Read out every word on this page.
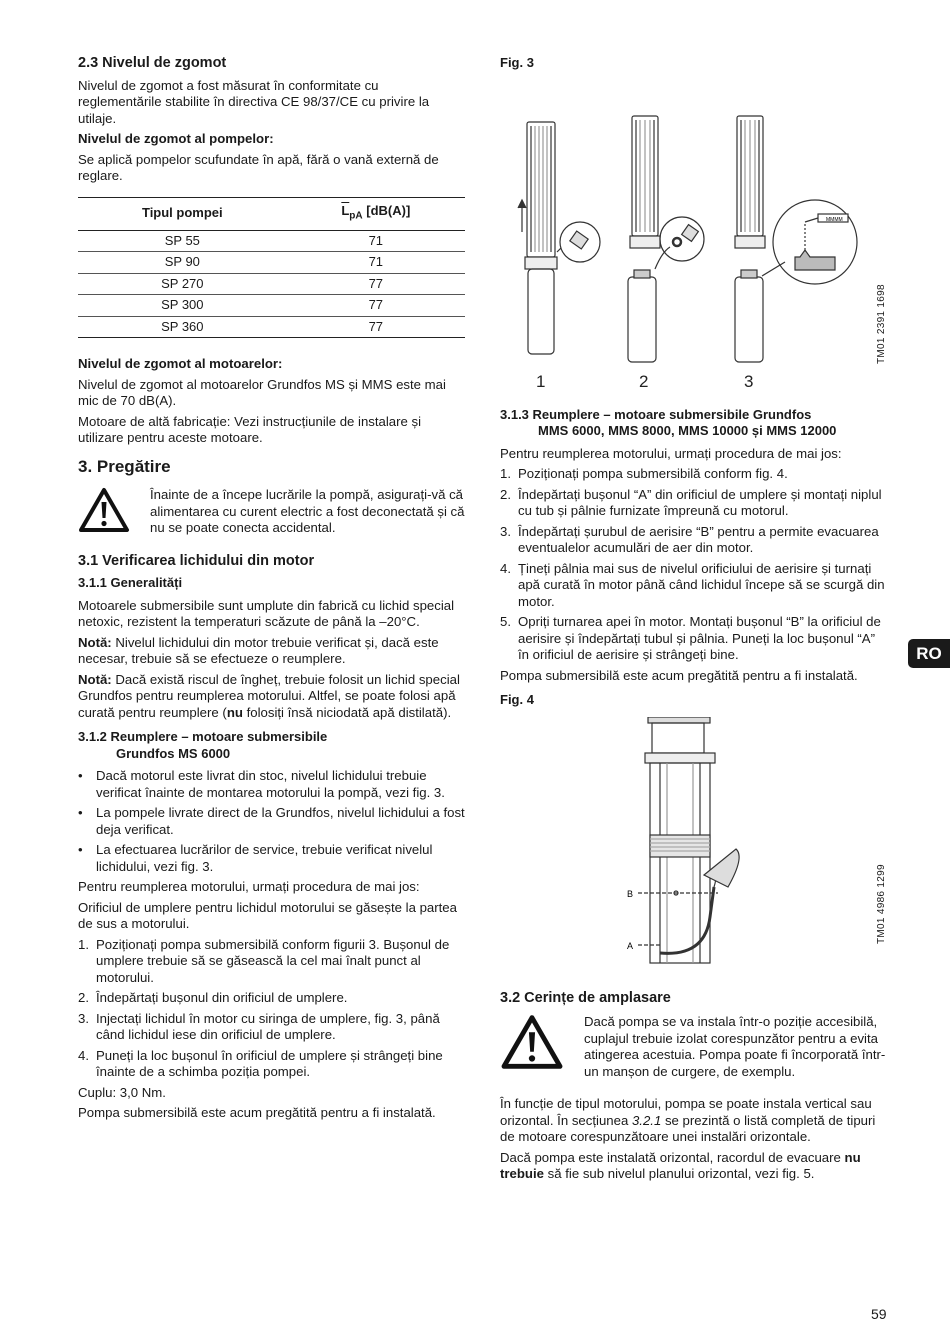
2.3 Nivelul de zgomot

Nivelul de zgomot a fost măsurat în conformitate cu reglementările stabilite în directiva CE 98/37/CE cu privire la utilaje.

Nivelul de zgomot al pompelor:

Se aplică pompelor scufundate în apă, fără o vană externă de reglare.

Tipul pompei	$\overline{L}_{pA}$ [dB(A)]
SP 55	71
SP 90	71
SP 270	77
SP 300	77
SP 360	77

Nivelul de zgomot al motoarelor:

Nivelul de zgomot al motoarelor Grundfos MS și MMS este mai mic de 70 dB(A).

Motoare de altă fabricație: Vezi instrucțiunile de instalare și utilizare pentru aceste motoare.

3. Pregătire

Înainte de a începe lucrările la pompă, asigurați-vă că alimentarea cu curent electric a fost deconectată și că nu se poate conecta accidental.

3.1 Verificarea lichidului din motor
3.1.1 Generalități

Motoarele submersibile sunt umplute din fabrică cu lichid special netoxic, rezistent la temperaturi scăzute de până la –20°C.

Notă: Nivelul lichidului din motor trebuie verificat și, dacă este necesar, trebuie să se efectueze o reumplere.

Notă: Dacă există riscul de îngheț, trebuie folosit un lichid special Grundfos pentru reumplerea motorului. Altfel, se poate folosi apă curată pentru reumplere (nu folosiți însă niciodată apă distilată).

3.1.2 Reumplere – motoare submersibile
Grundfos MS 6000
• Dacă motorul este livrat din stoc, nivelul lichidului trebuie verificat înainte de montarea motorului la pompă, vezi fig. 3.
• La pompele livrate direct de la Grundfos, nivelul lichidului a fost deja verificat.
• La efectuarea lucrărilor de service, trebuie verificat nivelul lichidului, vezi fig. 3.

Pentru reumplerea motorului, urmați procedura de mai jos:

Orificiul de umplere pentru lichidul motorului se găsește la partea de sus a motorului.

1. Poziționați pompa submersibilă conform figurii 3. Bușonul de umplere trebuie să se găsească la cel mai înalt punct al motorului.
2. Îndepărtați bușonul din orificiul de umplere.
3. Injectați lichidul în motor cu siringa de umplere, fig. 3, până când lichidul iese din orificiul de umplere.
4. Puneți la loc bușonul în orificiul de umplere și strângeți bine înainte de a schimba poziția pompei.

Cuplu: 3,0 Nm.

Pompa submersibilă este acum pregătită pentru a fi instalată.

Fig. 3

MMMM
1	2	3
3.1.3 Reumplere – motoare submersibile Grundfos
MMS 6000, MMS 8000, MMS 10000 și MMS 12000

Pentru reumplerea motorului, urmați procedura de mai jos:

1. Poziționați pompa submersibilă conform fig. 4.
2. Îndepărtați bușonul “A” din orificiul de umplere și montați niplul cu tub și pâlnie furnizate împreună cu motorul.
3. Îndepărtați șurubul de aerisire “B” pentru a permite evacuarea eventualelor acumulări de aer din motor.
4. Țineți pâlnia mai sus de nivelul orificiului de aerisire și turnați apă curată în motor până când lichidul începe să se scurgă din motor.
5. Opriți turnarea apei în motor. Montați bușonul “B” la orificiul de aerisire și îndepărtați tubul și pâlnia. Puneți la loc bușonul “A” în orificiul de aerisire și strângeți bine.

Pompa submersibilă este acum pregătită pentru a fi instalată.

Fig. 4

B
A
3.2 Cerințe de amplasare

Dacă pompa se va instala într-o poziție accesibilă, cuplajul trebuie izolat corespunzător pentru a evita atingerea acestuia. Pompa poate fi încorporată într-un manșon de curgere, de exemplu.

În funcție de tipul motorului, pompa se poate instala vertical sau orizontal. În secțiunea 3.2.1 se prezintă o listă completă de tipuri de motoare corespunzătoare unei instalări orizontale.

Dacă pompa este instalată orizontal, racordul de evacuare nu trebuie să fie sub nivelul planului orizontal, vezi fig. 5.

TM01 2391 1698
TM01 4986 1299
RO
59
